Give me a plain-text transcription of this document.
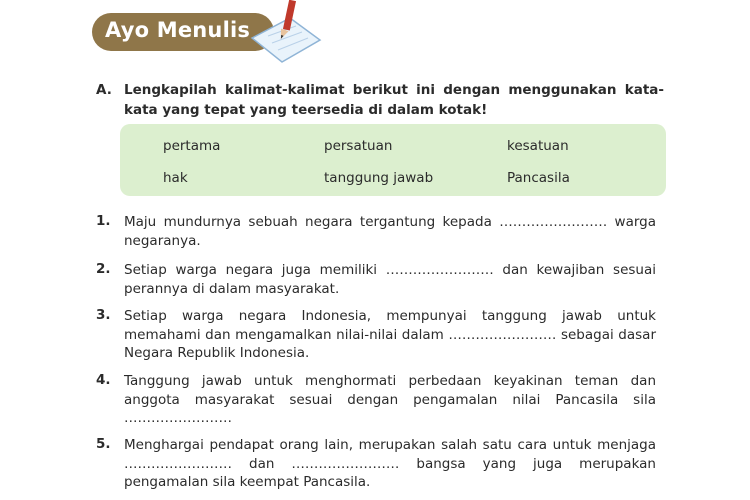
Ayo Menulis
A. Lengkapilah kalimat-kalimat berikut ini dengan menggunakan kata-kata yang tepat yang teersedia di dalam kotak!
pertama	persatuan	kesatuan
hak	tanggung jawab	Pancasila
1. Maju mundurnya sebuah negara tergantung kepada …………………… warga negaranya.
2. Setiap warga negara juga memiliki …………………… dan kewajiban sesuai perannya di dalam masyarakat.
3. Setiap warga negara Indonesia, mempunyai tanggung jawab untuk memahami dan mengamalkan nilai-nilai dalam …………………… sebagai dasar Negara Republik Indonesia.
4. Tanggung jawab untuk menghormati perbedaan keyakinan teman dan anggota masyarakat sesuai dengan pengamalan nilai Pancasila sila ……………………
5. Menghargai pendapat orang lain, merupakan salah satu cara untuk menjaga …………………… dan …………………… bangsa yang juga merupakan pengamalan sila keempat Pancasila.
